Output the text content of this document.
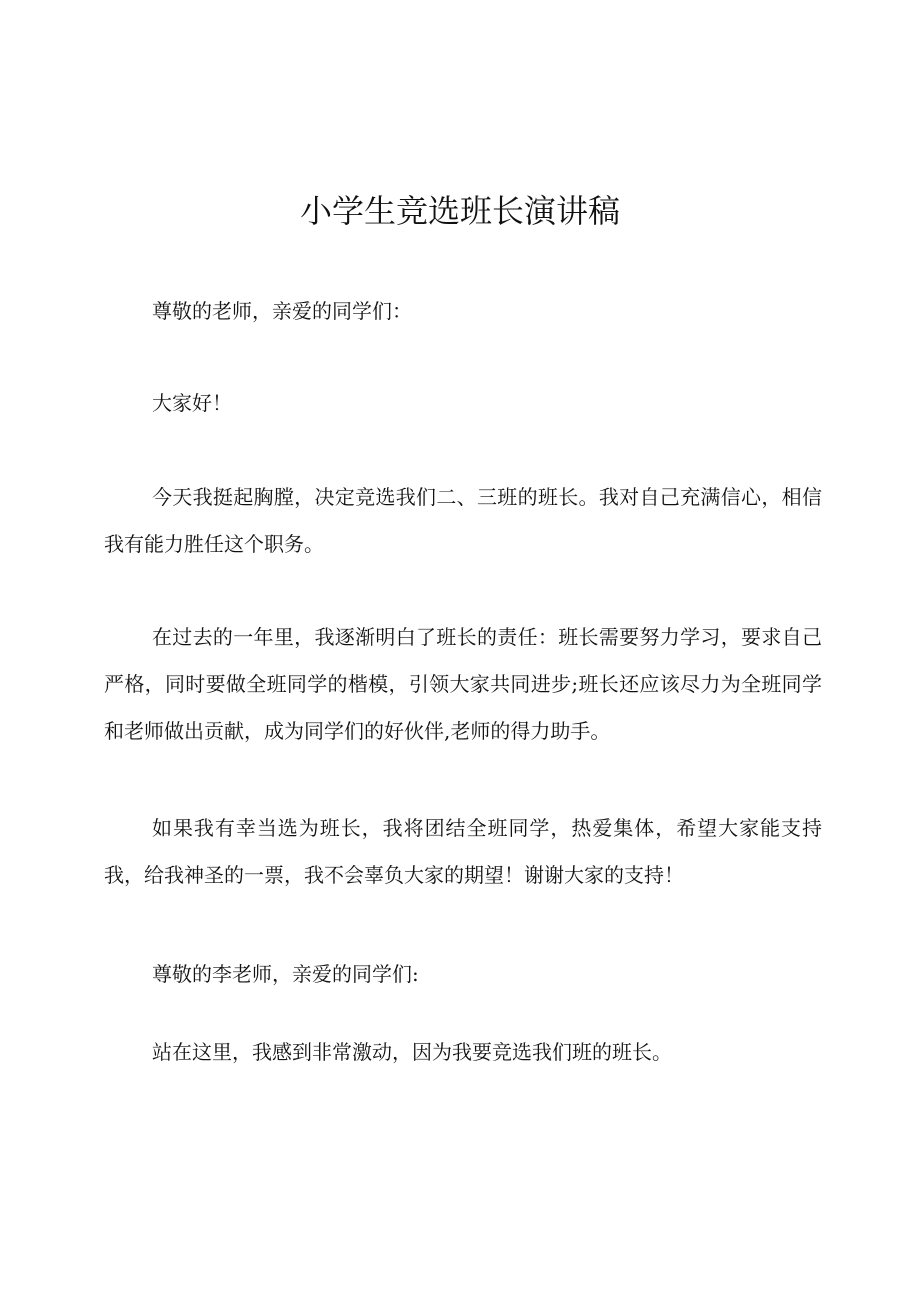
小学生竞选班长演讲稿

尊敬的老师，亲爱的同学们：

大家好！

今天我挺起胸膛，决定竞选我们二、三班的班长。我对自己充满信心，相信我有能力胜任这个职务。

在过去的一年里，我逐渐明白了班长的责任：班长需要努力学习，要求自己严格，同时要做全班同学的楷模，引领大家共同进步;班长还应该尽力为全班同学和老师做出贡献，成为同学们的好伙伴,老师的得力助手。

如果我有幸当选为班长，我将团结全班同学，热爱集体，希望大家能支持我，给我神圣的一票，我不会辜负大家的期望！谢谢大家的支持！

尊敬的李老师，亲爱的同学们:

站在这里，我感到非常激动，因为我要竞选我们班的班长。
